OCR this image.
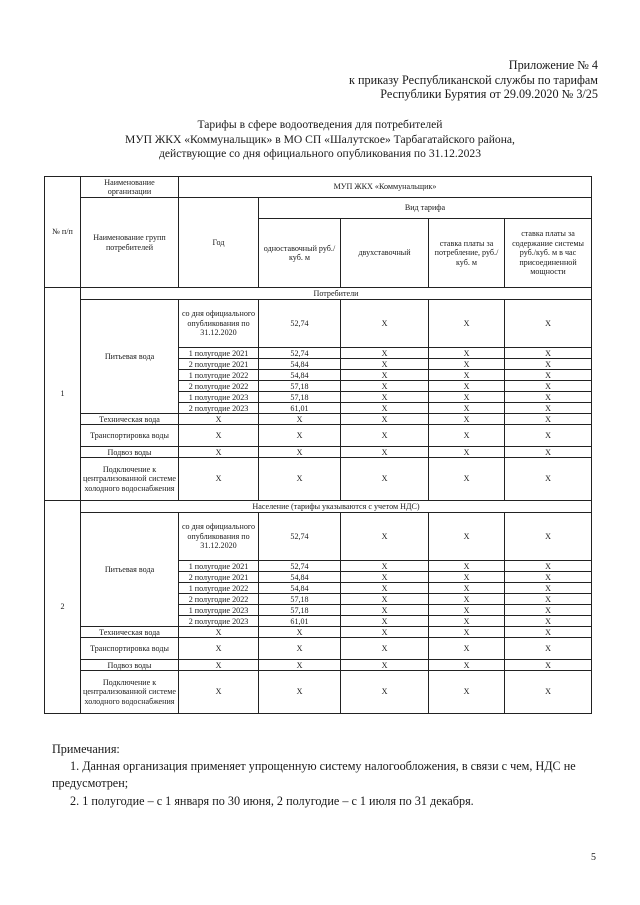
Приложение № 4
к приказу Республиканской службы по тарифам
Республики Бурятия от 29.09.2020 № 3/25
Тарифы в сфере водоотведения для потребителей
МУП ЖКХ «Коммунальщик» в МО СП «Шалутское» Тарбагатайского района,
действующие со дня официального опубликования по 31.12.2023
№ п/п	Наименование организации	МУП ЖКХ «Коммунальщик»				
	Наименование групп потребителей	Год	Вид тарифа			
			одноставочный руб./ куб. м	двухставочный	ставка платы за потребление, руб./ куб. м	ставка платы за содержание системы руб./куб. м в час присоединенной мощности
1	Потребители					
	Питьевая вода	со дня официального опубликования по 31.12.2020	52,74	X	X	X
		1 полугодие 2021	52,74	X	X	X
		2 полугодие 2021	54,84	X	X	X
		1 полугодие 2022	54,84	X	X	X
		2 полугодие 2022	57,18	X	X	X
		1 полугодие 2023	57,18	X	X	X
		2 полугодие 2023	61,01	X	X	X
	Техническая вода	X	X	X	X	X
	Транспортировка воды	X	X	X	X	X
	Подвоз воды	X	X	X	X	X
	Подключение к централизованной системе холодного водоснабжения	X	X	X	X	X
2	Население (тарифы указываются с учетом НДС)					
	Питьевая вода	со дня официального опубликования по 31.12.2020	52,74	X	X	X
		1 полугодие 2021	52,74	X	X	X
		2 полугодие 2021	54,84	X	X	X
		1 полугодие 2022	54,84	X	X	X
		2 полугодие 2022	57,18	X	X	X
		1 полугодие 2023	57,18	X	X	X
		2 полугодие 2023	61,01	X	X	X
	Техническая вода	X	X	X	X	X
	Транспортировка воды	X	X	X	X	X
	Подвоз воды	X	X	X	X	X
	Подключение к централизованной системе холодного водоснабжения	X	X	X	X	X

Примечания:

1. Данная организация применяет упрощенную систему налогообложения, в связи с чем, НДС не предусмотрен;

2. 1 полугодие – с 1 января по 30 июня, 2 полугодие – с 1 июля по 31 декабря.

5
